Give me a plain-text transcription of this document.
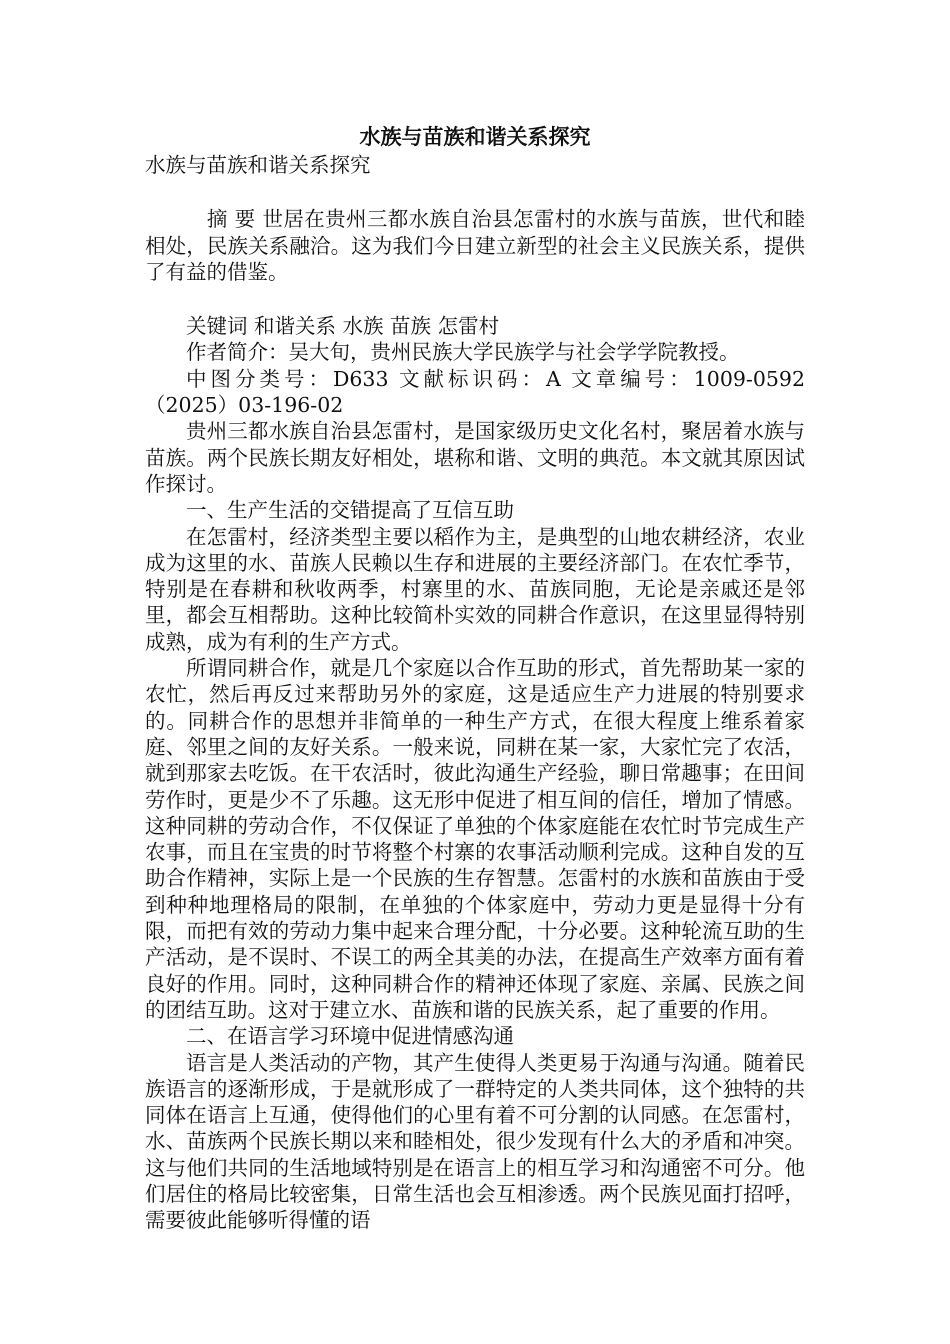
水族与苗族和谐关系探究

水族与苗族和谐关系探究

　摘 要 世居在贵州三都水族自治县怎雷村的水族与苗族，世代和睦相处，民族关系融洽。这为我们今日建立新型的社会主义民族关系，提供了有益的借鉴。

关键词 和谐关系 水族 苗族 怎雷村

作者简介：吴大旬，贵州民族大学民族学与社会学学院教授。

中图分类号：D633 文献标识码：A 文章编号：1009-0592（2025）03-196-02

贵州三都水族自治县怎雷村，是国家级历史文化名村，聚居着水族与苗族。两个民族长期友好相处，堪称和谐、文明的典范。本文就其原因试作探讨。

一、生产生活的交错提高了互信互助

在怎雷村，经济类型主要以稻作为主，是典型的山地农耕经济，农业成为这里的水、苗族人民赖以生存和进展的主要经济部门。在农忙季节，特别是在春耕和秋收两季，村寨里的水、苗族同胞，无论是亲戚还是邻里，都会互相帮助。这种比较简朴实效的同耕合作意识，在这里显得特别成熟，成为有利的生产方式。

所谓同耕合作，就是几个家庭以合作互助的形式，首先帮助某一家的农忙，然后再反过来帮助另外的家庭，这是适应生产力进展的特别要求的。同耕合作的思想并非简单的一种生产方式，在很大程度上维系着家庭、邻里之间的友好关系。一般来说，同耕在某一家，大家忙完了农活，就到那家去吃饭。在干农活时，彼此沟通生产经验，聊日常趣事；在田间劳作时，更是少不了乐趣。这无形中促进了相互间的信任，增加了情感。这种同耕的劳动合作，不仅保证了单独的个体家庭能在农忙时节完成生产农事，而且在宝贵的时节将整个村寨的农事活动顺利完成。这种自发的互助合作精神，实际上是一个民族的生存智慧。怎雷村的水族和苗族由于受到种种地理格局的限制，在单独的个体家庭中，劳动力更是显得十分有限，而把有效的劳动力集中起来合理分配，十分必要。这种轮流互助的生产活动，是不误时、不误工的两全其美的办法，在提高生产效率方面有着良好的作用。同时，这种同耕合作的精神还体现了家庭、亲属、民族之间的团结互助。这对于建立水、苗族和谐的民族关系，起了重要的作用。

二、在语言学习环境中促进情感沟通

语言是人类活动的产物，其产生使得人类更易于沟通与沟通。随着民族语言的逐渐形成，于是就形成了一群特定的人类共同体，这个独特的共同体在语言上互通，使得他们的心里有着不可分割的认同感。在怎雷村，水、苗族两个民族长期以来和睦相处，很少发现有什么大的矛盾和冲突。这与他们共同的生活地域特别是在语言上的相互学习和沟通密不可分。他们居住的格局比较密集，日常生活也会互相渗透。两个民族见面打招呼，需要彼此能够听得懂的语
